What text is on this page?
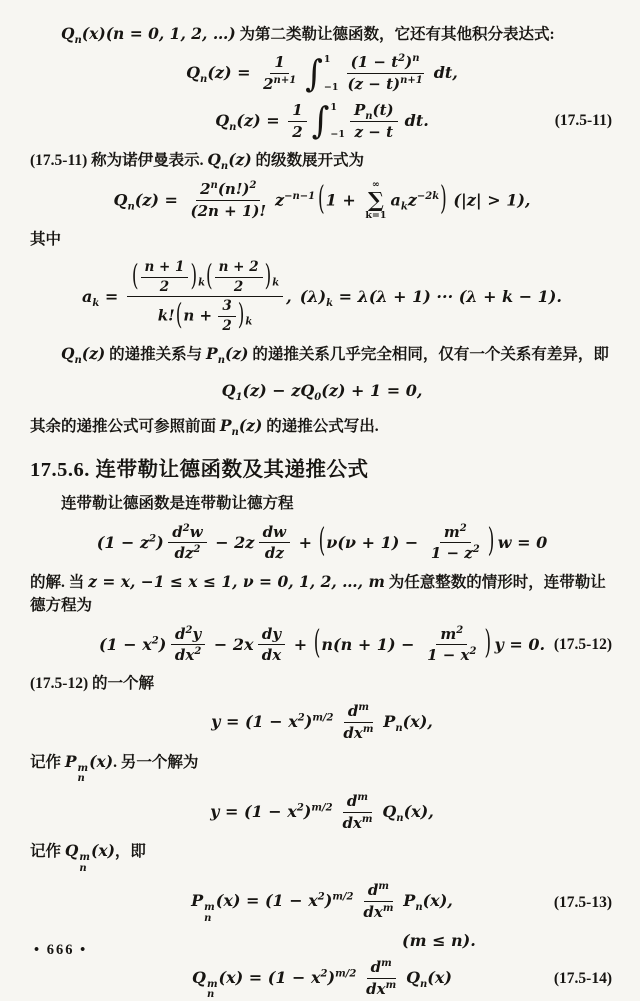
$Q_n(x)(n = 0$, 1, 2, …) 为第二类勒让德函数，它还有其他积分表达式:

$Q_n(z) = \frac{1}{2^{n+1}}$ ∫ 1
$-1 \frac{(1 - t^2)^n}{(z - t)^{n+1}}$ dt,
$Q_n(z) = \frac{1}{2}$ ∫ 1
$-1 \frac{P_n(t)}{z - t}$ dt.	(17.5-11)

(17.5-11) 称为诺伊曼表示. $Q_n(z)$ 的级数展开式为

$Q_n(z) = \frac{2^n(n!)^2}{(2n + 1)!} z^{-n-1}$ (1 +
∞
∑
k=1
$a_kz^{-2k}$) (|z| > 1),

其中

$a_k = \frac{( \frac{n + 1}{2} )_k( \frac{n + 2}{2} )_k}{k!(n + \frac{3}{2} )_k}$ , $(\lambda)_k = \lambda(\lambda + 1)$ ··· (λ + k − 1).

$Q_n(z)$ 的递推关系与 $P_n(z)$ 的递推关系几乎完全相同，仅有一个关系有差异，即

$Q_1(z) - zQ_0(z) + 1 = 0$,

其余的递推公式可参照前面 $P_n(z)$ 的递推公式写出.

17.5.6. 连带勒让德函数及其递推公式

连带勒让德函数是连带勒让德方程

$(1 - z^2) \frac{d^2w}{dz^2} - 2z \frac{dw}{dz} + (\nu(\nu + 1) - \frac{m^2}{1 - z^2}$ ) w = 0

的解. 当 z = x, −1 ≤ x ≤ 1, ν = 0, 1, 2, …, m 为任意整数的情形时，连带勒让德方程为

$(1 - x^2) \frac{d^2y}{dx^2} - 2x \frac{dy}{dx} + (n(n + 1) - \frac{m^2}{1 - x^2}$ ) y = 0. (17.5-12)

(17.5-12) 的一个解

$y = (1 - x^2)^{m/2} \frac{d^m}{dx^m} P_n(x)$,

记作 P m
n
(x). 另一个解为

$y = (1 - x^2)^{m/2} \frac{d^m}{dx^m} Q_n(x)$,

记作 Q m
n
(x)，即

P m
n
$(x) = (1 - x^2)^{m/2} \frac{d^m}{dx^m} P_n(x)$,	(17.5-13)
(m ≤ n).
Q m
n
$(x) = (1 - x^2)^{m/2} \frac{d^m}{dx^m} Q_n(x)$	(17.5-14)
• 666 •
